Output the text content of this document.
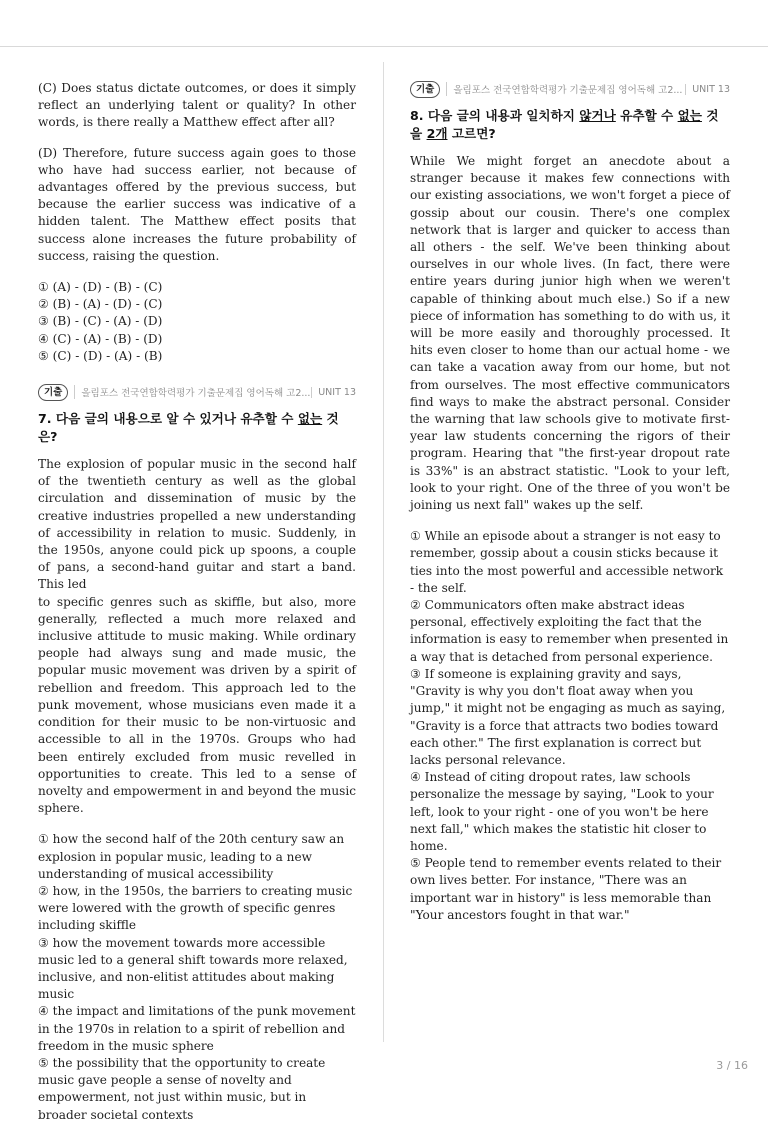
(C) Does status dictate outcomes, or does it simply reflect an underlying talent or quality? In other words, is there really a Matthew effect after all?

(D) Therefore, future success again goes to those who have had success earlier, not because of advantages offered by the previous success, but because the earlier success was indicative of a hidden talent. The Matthew effect posits that success alone increases the future probability of success, raising the question.

① (A) - (D) - (B) - (C)

② (B) - (A) - (D) - (C)

③ (B) - (C) - (A) - (D)

④ (C) - (A) - (B) - (D)

⑤ (C) - (D) - (A) - (B)

기출	올림포스 전국연합학력평가 기출문제집 영어독해 고2... UNIT 13
7. 다음 글의 내용으로 알 수 있거나 유추할 수 없는 것은?

The explosion of popular music in the second half of the twentieth century as well as the global circulation and dissemination of music by the creative industries propelled a new understanding of accessibility in relation to music. Suddenly, in the 1950s, anyone could pick up spoons, a couple of pans, a second-hand guitar and start a band. This led

to specific genres such as skiffle, but also, more generally, reflected a much more relaxed and inclusive attitude to music making. While ordinary people had always sung and made music, the popular music movement was driven by a spirit of rebellion and freedom. This approach led to the punk movement, whose musicians even made it a condition for their music to be non-virtuosic and accessible to all in the 1970s. Groups who had been entirely excluded from music revelled in opportunities to create. This led to a sense of novelty and empowerment in and beyond the music sphere.

① how the second half of the 20th century saw an explosion in popular music, leading to a new understanding of musical accessibility

② how, in the 1950s, the barriers to creating music were lowered with the growth of specific genres including skiffle

③ how the movement towards more accessible music led to a general shift towards more relaxed, inclusive, and non-elitist attitudes about making music

④ the impact and limitations of the punk movement in the 1970s in relation to a spirit of rebellion and freedom in the music sphere

⑤ the possibility that the opportunity to create music gave people a sense of novelty and empowerment, not just within music, but in broader societal contexts

기출	올림포스 전국연합학력평가 기출문제집 영어독해 고2...	UNIT 13
8. 다음 글의 내용과 일치하지 않거나 유추할 수 없는 것을 2개 고르면?

While We might forget an anecdote about a stranger because it makes few connections with our existing associations, we won't forget a piece of gossip about our cousin. There's one complex network that is larger and quicker to access than all others - the self. We've been thinking about ourselves in our whole lives. (In fact, there were entire years during junior high when we weren't capable of thinking about much else.) So if a new piece of information has something to do with us, it will be more easily and thoroughly processed. It hits even closer to home than our actual home - we can take a vacation away from our home, but not from ourselves. The most effective communicators find ways to make the abstract personal. Consider the warning that law schools give to motivate first-year law students concerning the rigors of their program. Hearing that "the first-year dropout rate is 33%" is an abstract statistic. "Look to your left, look to your right. One of the three of you won't be joining us next fall" wakes up the self.

① While an episode about a stranger is not easy to remember, gossip about a cousin sticks because it ties into the most powerful and accessible network - the self.

② Communicators often make abstract ideas personal, effectively exploiting the fact that the information is easy to remember when presented in a way that is detached from personal experience.

③ If someone is explaining gravity and says, "Gravity is why you don't float away when you jump," it might not be engaging as much as saying, "Gravity is a force that attracts two bodies toward each other." The first explanation is correct but lacks personal relevance.

④ Instead of citing dropout rates, law schools personalize the message by saying, "Look to your left, look to your right - one of you won't be here next fall," which makes the statistic hit closer to home.

⑤ People tend to remember events related to their own lives better. For instance, "There was an important war in history" is less memorable than "Your ancestors fought in that war."

3 / 16
